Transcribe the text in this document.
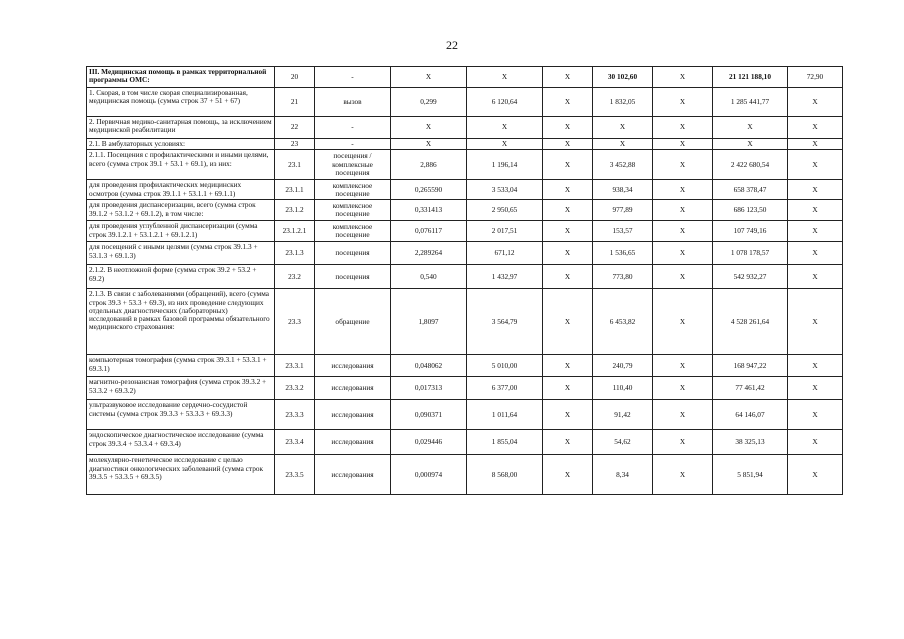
22
III. Медицинская помощь в рамках территориальной программы ОМС:	20	-	X	X	X	30 102,60	X	21 121 188,10	72,90
1. Скорая, в том числе скорая специализированная, медицинская помощь (сумма строк 37 + 51 + 67)	21	вызов	0,299	6 120,64	X	1 832,05	X	1 285 441,77	X
2. Первичная медико-санитарная помощь, за исключением медицинской реабилитации	22	-	X	X	X	X	X	X	X
2.1. В амбулаторных условиях:	23	-	X	X	X	X	X	X	X
2.1.1. Посещения с профилактическими и иными целями, всего (сумма строк 39.1 + 53.1 + 69.1), из них:	23.1	посещения / комплексные посещения	2,886	1 196,14	X	3 452,88	X	2 422 680,54	X
для проведения профилактических медицинских осмотров (сумма строк 39.1.1 + 53.1.1 + 69.1.1)	23.1.1	комплексное посещение	0,265590	3 533,04	X	938,34	X	658 378,47	X
для проведения диспансеризации, всего (сумма строк 39.1.2 + 53.1.2 + 69.1.2), в том числе:	23.1.2	комплексное посещение	0,331413	2 950,65	X	977,89	X	686 123,50	X
для проведения углубленной диспансеризации (сумма строк 39.1.2.1 + 53.1.2.1 + 69.1.2.1)	23.1.2.1	комплексное посещение	0,076117	2 017,51	X	153,57	X	107 749,16	X
для посещений с иными целями (сумма строк 39.1.3 + 53.1.3 + 69.1.3)	23.1.3	посещения	2,289264	671,12	X	1 536,65	X	1 078 178,57	X
2.1.2. В неотложной форме (сумма строк 39.2 + 53.2 + 69.2)	23.2	посещения	0,540	1 432,97	X	773,80	X	542 932,27	X
2.1.3. В связи с заболеваниями (обращений), всего (сумма строк 39.3 + 53.3 + 69.3), из них проведение следующих отдельных диагностических (лабораторных) исследований в рамках базовой программы обязательного медицинского страхования:	23.3	обращение	1,8097	3 564,79	X	6 453,82	X	4 528 261,64	X
компьютерная томография (сумма строк 39.3.1 + 53.3.1 + 69.3.1)	23.3.1	исследования	0,048062	5 010,00	X	240,79	X	168 947,22	X
магнитно-резонансная томография (сумма строк 39.3.2 + 53.3.2 + 69.3.2)	23.3.2	исследования	0,017313	6 377,00	X	110,40	X	77 461,42	X
ультразвуковое исследование сердечно-сосудистой системы (сумма строк 39.3.3 + 53.3.3 + 69.3.3)	23.3.3	исследования	0,090371	1 011,64	X	91,42	X	64 146,07	X
эндоскопическое диагностическое исследование (сумма строк 39.3.4 + 53.3.4 + 69.3.4)	23.3.4	исследования	0,029446	1 855,04	X	54,62	X	38 325,13	X
молекулярно-генетическое исследование с целью диагностики онкологических заболеваний (сумма строк 39.3.5 + 53.3.5 + 69.3.5)	23.3.5	исследования	0,000974	8 568,00	X	8,34	X	5 851,94	X
